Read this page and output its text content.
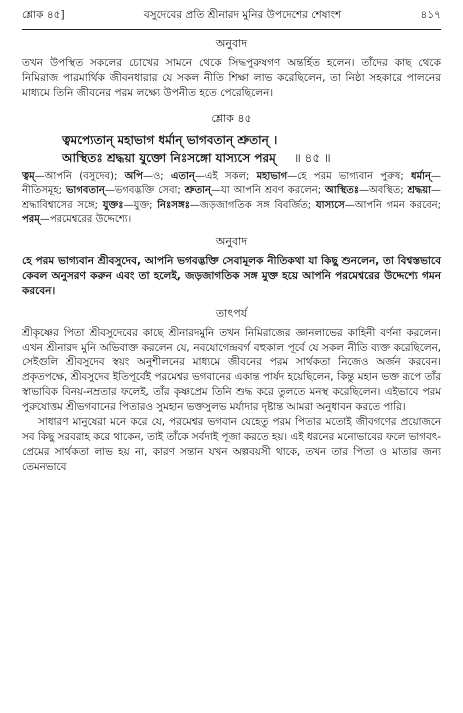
শ্লোক ৪৫]	বসুদেবের প্রতি শ্রীনারদ মুনির উপদেশের শেষাংশ	৪১৭
অনুবাদ

তখন উপস্থিত সকলের চোখের সামনে থেকে সিদ্ধপুরুষগণ অন্তর্হিত হলেন। তাঁদের কাছ থেকে নিমিরাজ পারমার্থিক জীবনধারার যে সকল নীতি শিক্ষা লাভ করেছিলেন, তা নিষ্ঠা সহকারে পালনের মাধ্যমে তিনি জীবনের পরম লক্ষ্যে উপনীত হতে পেরেছিলেন।

শ্লোক ৪৫
ত্বমপ্যেতান্ মহাভাগ ধর্মান্ ভাগবতান্ শ্রুতান্ ।
আস্থিতঃ শ্রদ্ধয়া যুক্তো নিঃসঙ্গো যাস্যসে পরম্ ॥ ৪৫ ॥

ত্বম্—আপনি (বসুদেব); অপি—ও; এতান্—এই সকল; মহাভাগ—হে পরম ভাগ্যবান পুরুষ; ধর্মান্—নীতিসমূহ; ভাগবতান্—ভগবদ্ভক্তি সেবা; শ্রুতান্—যা আপনি শ্রবণ করলেন; আস্থিতঃ—অবস্থিত; শ্রদ্ধয়া—শ্রদ্ধাবিশ্বাসের সঙ্গে; যুক্তঃ—যুক্ত; নিঃসঙ্গঃ—জড়জাগতিক সঙ্গ বিবর্জিত; যাস্যসে—আপনি গমন করবেন; পরম্—পরমেশ্বরের উদ্দেশ্যে।

অনুবাদ

হে পরম ভাগ্যবান শ্রীবসুদেব, আপনি ভগবদ্ভক্তি সেবামূলক নীতিকথা যা কিছু শুনলেন, তা বিশ্বস্তভাবে কেবল অনুসরণ করুন এবং তা হলেই, জড়জাগতিক সঙ্গ মুক্ত হয়ে আপনি পরমেশ্বরের উদ্দেশ্যে গমন করবেন।

তাৎপর্য

শ্রীকৃষ্ণের পিতা শ্রীবসুদেবের কাছে শ্রীনারদমুনি তখন নিমিরাজের জ্ঞানলাভের কাহিনী বর্ণনা করলেন। এখন শ্রীনারদ মুনি অভিবাক্ত করলেন যে, নবযোগেন্দ্রবর্গ বহুকাল পূর্বে যে সকল নীতি ব্যক্ত করেছিলেন, সেইগুলি শ্রীবসুদেব স্বয়ং অনুশীলনের মাধ্যমে জীবনের পরম সার্থকতা নিজেও অর্জন করবেন। প্রকৃতপক্ষে, শ্রীবসুদেব ইতিপূর্বেই পরমেশ্বর ভগবানের একান্ত পার্ষদ হয়েছিলেন, কিন্তু মহান ভক্ত রূপে তাঁর স্বাভাবিক বিনয়-নম্রতার ফলেই, তাঁর কৃষ্ণপ্রেম তিনি শুদ্ধ করে তুলতে মনস্থ করেছিলেন। এইভাবে পরম পুরুষোত্তম শ্রীভগবানের পিতারও সুমহান ভক্তসুলভ মর্যাদার দৃষ্টান্ত আমরা অনুধাবন করতে পারি।

সাধারণ মানুষেরা মনে করে যে, পরমেশ্বর ভগবান যেহেতু পরম পিতার মতোই জীবগণের প্রয়োজনে সব কিছু সরবরাহ করে থাকেন, তাই তাঁকে সর্বদাই পূজা করতে হয়। এই ধরনের মনোভাবের ফলে ভাগবৎ-প্রেমের সার্থকতা লাভ হয় না, কারণ সন্তান যখন অল্পবয়সী থাকে, তখন তার পিতা ও মাতার জন্য তেমনভাবে
